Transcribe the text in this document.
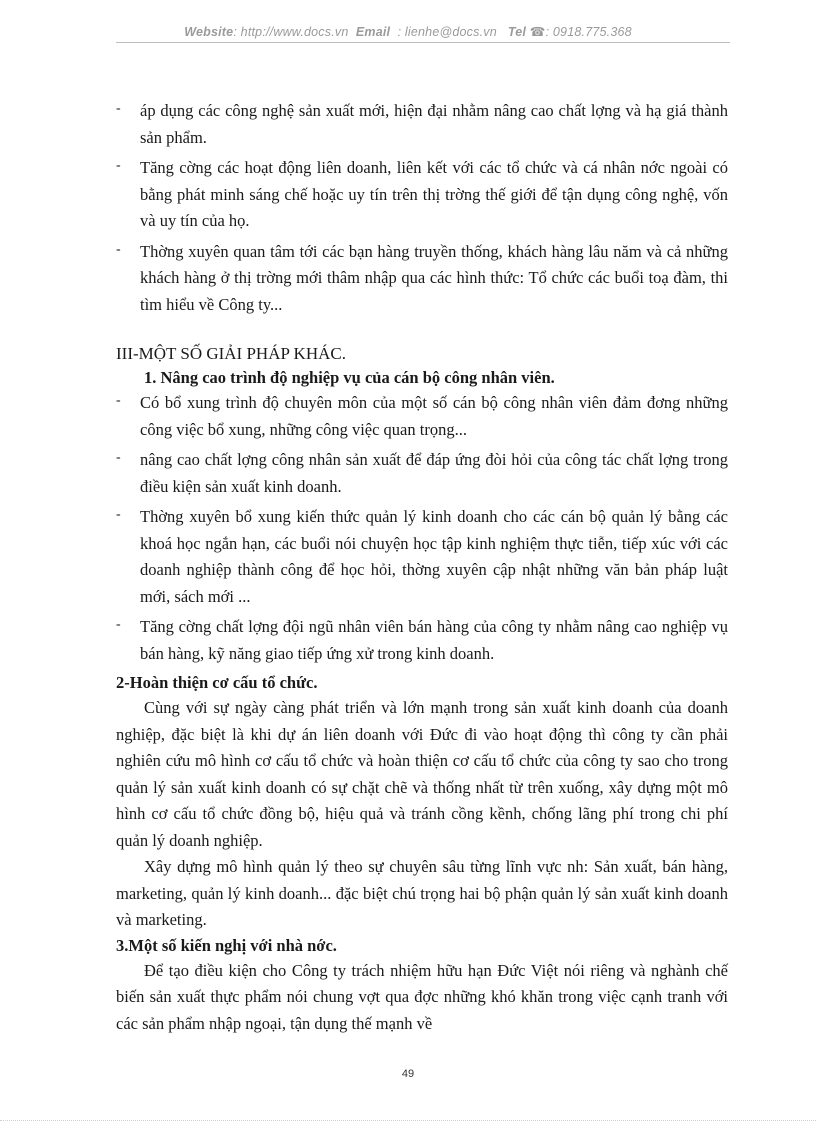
Website: http://www.docs.vn Email : lienhe@docs.vn Tel ☎: 0918.775.368
- áp dụng các công nghệ sản xuất mới, hiện đại nhằm nâng cao chất lợng và hạ giá thành sản phẩm.
- Tăng cờng các hoạt động liên doanh, liên kết với các tổ chức và cá nhân nớc ngoài có bằng phát minh sáng chế hoặc uy tín trên thị trờng thế giới để tận dụng công nghệ, vốn và uy tín của họ.
- Thờng xuyên quan tâm tới các bạn hàng truyền thống, khách hàng lâu năm và cả những khách hàng ở thị trờng mới thâm nhập qua các hình thức: Tổ chức các buổi toạ đàm, thi tìm hiểu về Công ty...
III-MỘT SỐ GIẢI PHÁP KHÁC.
1. Nâng cao trình độ nghiệp vụ của cán bộ công nhân viên.
- Có bổ xung trình độ chuyên môn của một số cán bộ công nhân viên đảm đơng những công việc bổ xung, những công việc quan trọng...
- nâng cao chất lợng công nhân sản xuất để đáp ứng đòi hỏi của công tác chất lợng trong điều kiện sản xuất kinh doanh.
- Thờng xuyên bổ xung kiến thức quản lý kinh doanh cho các cán bộ quản lý bằng các khoá học ngắn hạn, các buổi nói chuyện học tập kinh nghiệm thực tiễn, tiếp xúc với các doanh nghiệp thành công để học hỏi, thờng xuyên cập nhật những văn bản pháp luật mới, sách mới ...
- Tăng cờng chất lợng đội ngũ nhân viên bán hàng của công ty nhằm nâng cao nghiệp vụ bán hàng, kỹ năng giao tiếp ứng xử trong kinh doanh.
2-Hoàn thiện cơ cấu tổ chức.

Cùng với sự ngày càng phát triển và lớn mạnh trong sản xuất kinh doanh của doanh nghiệp, đặc biệt là khi dự án liên doanh với Đức đi vào hoạt động thì công ty cần phải nghiên cứu mô hình cơ cấu tổ chức và hoàn thiện cơ cấu tổ chức của công ty sao cho trong quản lý sản xuất kinh doanh có sự chặt chẽ và thống nhất từ trên xuống, xây dựng một mô hình cơ cấu tổ chức đồng bộ, hiệu quả và tránh cồng kềnh, chống lãng phí trong chi phí quản lý doanh nghiệp.

Xây dựng mô hình quản lý theo sự chuyên sâu từng lĩnh vực nh: Sản xuất, bán hàng, marketing, quản lý kinh doanh... đặc biệt chú trọng hai bộ phận quản lý sản xuất kinh doanh và marketing.

3.Một số kiến nghị với nhà nớc.

Để tạo điều kiện cho Công ty trách nhiệm hữu hạn Đức Việt nói riêng và nghành chế biến sản xuất thực phẩm nói chung vợt qua đợc những khó khăn trong việc cạnh tranh với các sản phẩm nhập ngoại, tận dụng thế mạnh về

49
